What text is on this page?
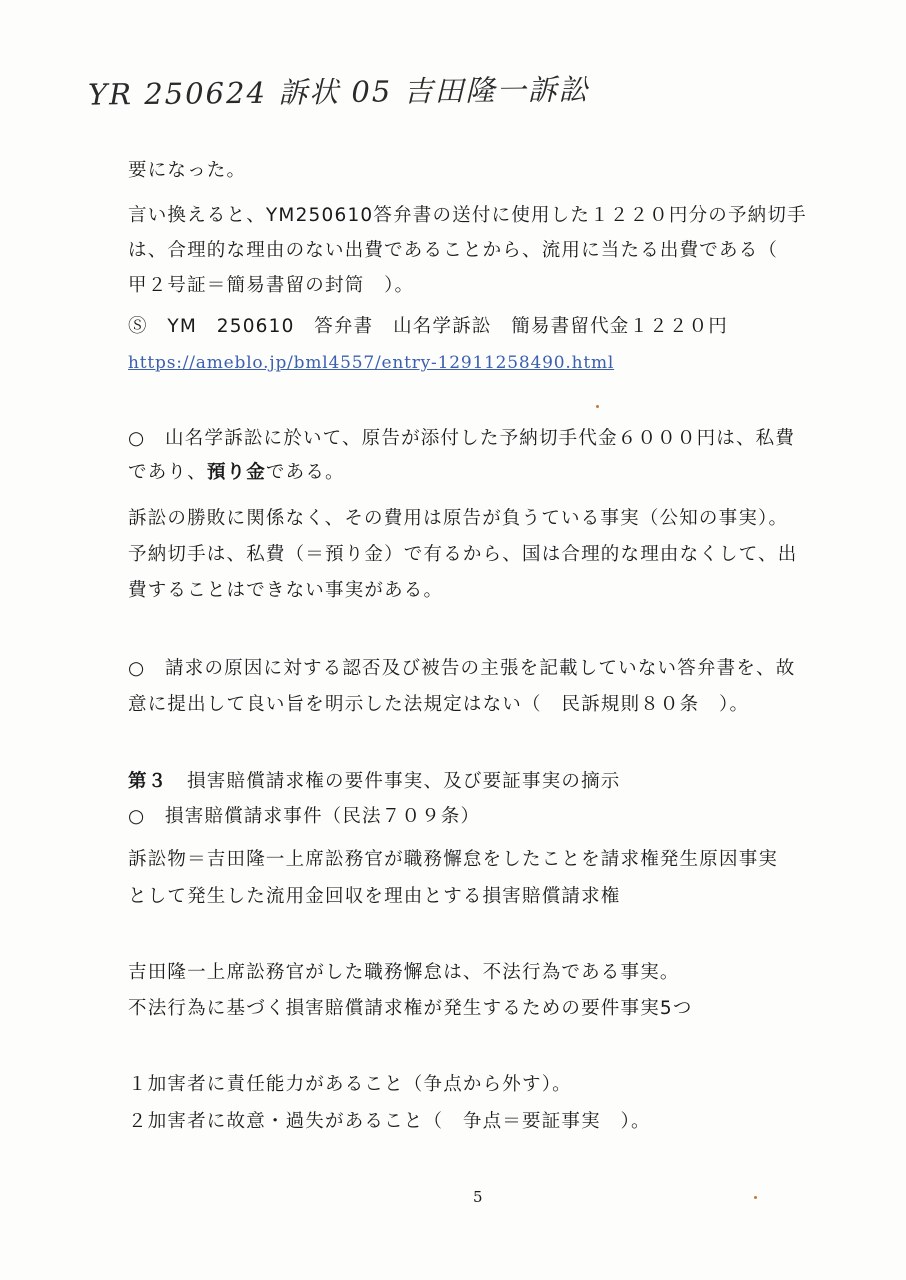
YR 250624 訴状 05 吉田隆一訴訟
要になった。
言い換えると、YM250610答弁書の送付に使用した１２２０円分の予納切手
は、合理的な理由のない出費であることから、流用に当たる出費である（
甲２号証＝簡易書留の封筒　）。
Ⓢ　YM　250610　答弁書　山名学訴訟　簡易書留代金１２２０円
https://ameblo.jp/bml4557/entry-12911258490.html
○　山名学訴訟に於いて、原告が添付した予納切手代金６０００円は、私費
であり、預り金である。
訴訟の勝敗に関係なく、その費用は原告が負うている事実（公知の事実）。
予納切手は、私費（＝預り金）で有るから、国は合理的な理由なくして、出
費することはできない事実がある。
○　請求の原因に対する認否及び被告の主張を記載していない答弁書を、故
意に提出して良い旨を明示した法規定はない（　民訴規則８０条　）。
第３　損害賠償請求権の要件事実、及び要証事実の摘示
○　損害賠償請求事件（民法７０９条）
訴訟物＝吉田隆一上席訟務官が職務懈怠をしたことを請求権発生原因事実
として発生した流用金回収を理由とする損害賠償請求権
吉田隆一上席訟務官がした職務懈怠は、不法行為である事実。
不法行為に基づく損害賠償請求権が発生するための要件事実5つ
１加害者に責任能力があること（争点から外す）。
２加害者に故意・過失があること（　争点＝要証事実　）。
5
